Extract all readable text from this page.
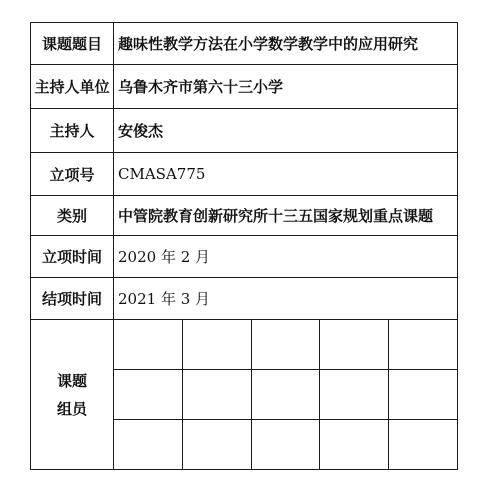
课题题目	趣味性教学方法在小学数学教学中的应用研究				
主持人单位	乌鲁木齐市第六十三小学				
主持人	安俊杰				
立项号	CMASA775				
类别	中管院教育创新研究所十三五国家规划重点课题				
立项时间	2020 年 2 月				
结项时间	2021 年 3 月				

课题
组员					
